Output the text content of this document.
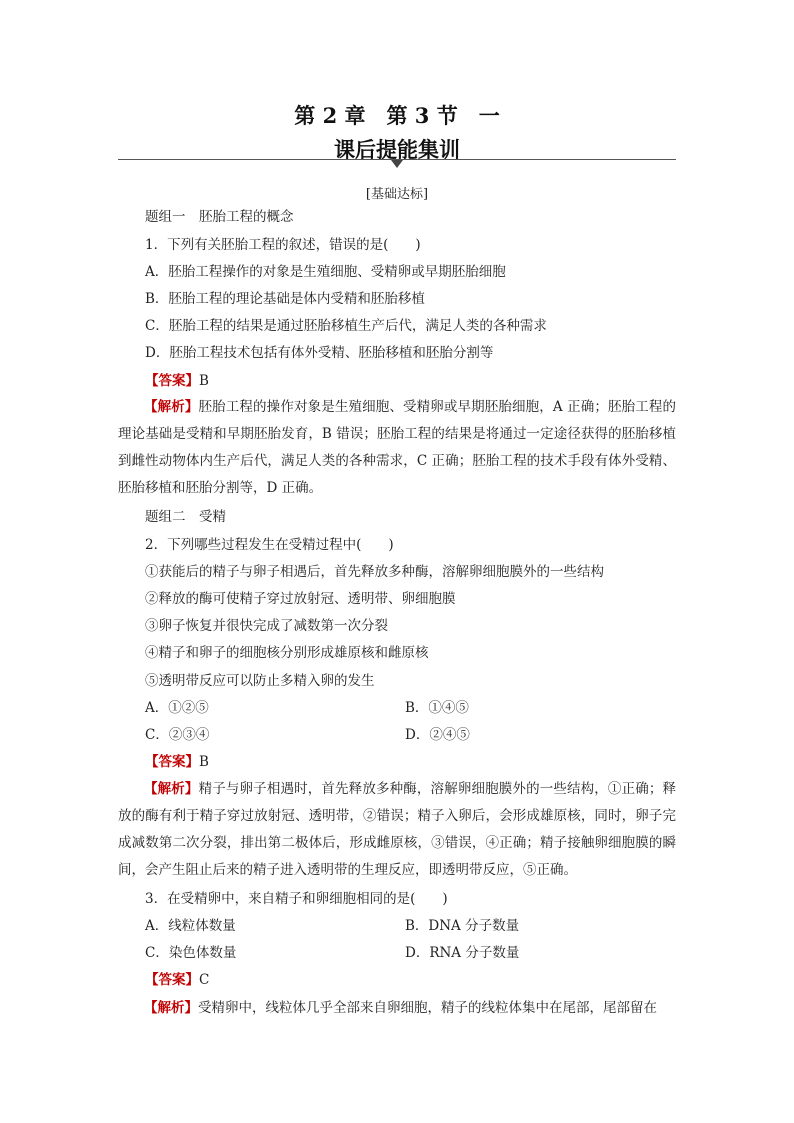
第 2 章　第 3 节　一
课后提能集训
[基础达标]
题组一　胚胎工程的概念
1．下列有关胚胎工程的叙述，错误的是(　　)
A．胚胎工程操作的对象是生殖细胞、受精卵或早期胚胎细胞
B．胚胎工程的理论基础是体内受精和胚胎移植
C．胚胎工程的结果是通过胚胎移植生产后代，满足人类的各种需求
D．胚胎工程技术包括有体外受精、胚胎移植和胚胎分割等
【答案】B
【解析】胚胎工程的操作对象是生殖细胞、受精卵或早期胚胎细胞，A 正确；胚胎工程的理论基础是受精和早期胚胎发育，B 错误；胚胎工程的结果是将通过一定途径获得的胚胎移植到雌性动物体内生产后代，满足人类的各种需求，C 正确；胚胎工程的技术手段有体外受精、胚胎移植和胚胎分割等，D 正确。
题组二　受精
2．下列哪些过程发生在受精过程中(　　)
①获能后的精子与卵子相遇后，首先释放多种酶，溶解卵细胞膜外的一些结构
②释放的酶可使精子穿过放射冠、透明带、卵细胞膜
③卵子恢复并很快完成了减数第一次分裂
④精子和卵子的细胞核分别形成雄原核和雌原核
⑤透明带反应可以防止多精入卵的发生
A．①②⑤	B．①④⑤
C．②③④	D．②④⑤
【答案】B
【解析】精子与卵子相遇时，首先释放多种酶，溶解卵细胞膜外的一些结构，①正确；释放的酶有利于精子穿过放射冠、透明带，②错误；精子入卵后，会形成雄原核，同时，卵子完成减数第二次分裂，排出第二极体后，形成雌原核，③错误，④正确；精子接触卵细胞膜的瞬间，会产生阻止后来的精子进入透明带的生理反应，即透明带反应，⑤正确。
3．在受精卵中，来自精子和卵细胞相同的是(　　)
A．线粒体数量	B．DNA 分子数量
C．染色体数量	D．RNA 分子数量
【答案】C
【解析】受精卵中，线粒体几乎全部来自卵细胞，精子的线粒体集中在尾部，尾部留在
